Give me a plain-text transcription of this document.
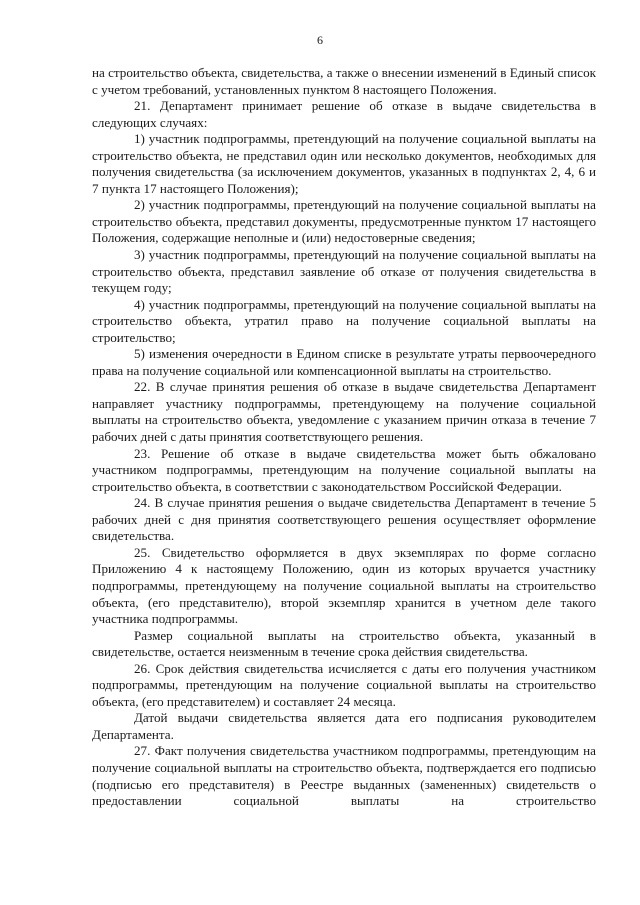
6

на строительство объекта, свидетельства, а также о внесении изменений в Единый список с учетом требований, установленных пунктом 8 настоящего Положения.

21. Департамент принимает решение об отказе в выдаче свидетельства в следующих случаях:

1) участник подпрограммы, претендующий на получение социальной выплаты на строительство объекта, не представил один или несколько документов, необходимых для получения свидетельства (за исключением документов, указанных в подпунктах 2, 4, 6 и 7 пункта 17 настоящего Положения);

2) участник подпрограммы, претендующий на получение социальной выплаты на строительство объекта, представил документы, предусмотренные пунктом 17 настоящего Положения, содержащие неполные и (или) недостоверные сведения;

3) участник подпрограммы, претендующий на получение социальной выплаты на строительство объекта, представил заявление об отказе от получения свидетельства в текущем году;

4) участник подпрограммы, претендующий на получение социальной выплаты на строительство объекта, утратил право на получение социальной выплаты на строительство;

5) изменения очередности в Едином списке в результате утраты первоочередного права на получение социальной или компенсационной выплаты на строительство.

22. В случае принятия решения об отказе в выдаче свидетельства Департамент направляет участнику подпрограммы, претендующему на получение социальной выплаты на строительство объекта, уведомление с указанием причин отказа в течение 7 рабочих дней с даты принятия соответствующего решения.

23. Решение об отказе в выдаче свидетельства может быть обжаловано участником подпрограммы, претендующим на получение социальной выплаты на строительство объекта, в соответствии с законодательством Российской Федерации.

24. В случае принятия решения о выдаче свидетельства Департамент в течение 5 рабочих дней с дня принятия соответствующего решения осуществляет оформление свидетельства.

25. Свидетельство оформляется в двух экземплярах по форме согласно Приложению 4 к настоящему Положению, один из которых вручается участнику подпрограммы, претендующему на получение социальной выплаты на строительство объекта, (его представителю), второй экземпляр хранится в учетном деле такого участника подпрограммы.

Размер социальной выплаты на строительство объекта, указанный в свидетельстве, остается неизменным в течение срока действия свидетельства.

26. Срок действия свидетельства исчисляется с даты его получения участником подпрограммы, претендующим на получение социальной выплаты на строительство объекта, (его представителем) и составляет 24 месяца.

Датой выдачи свидетельства является дата его подписания руководителем Департамента.

27. Факт получения свидетельства участником подпрограммы, претендующим на получение социальной выплаты на строительство объекта, подтверждается его подписью (подписью его представителя) в Реестре выданных (замененных) свидетельств о предоставлении социальной выплаты на строительство
